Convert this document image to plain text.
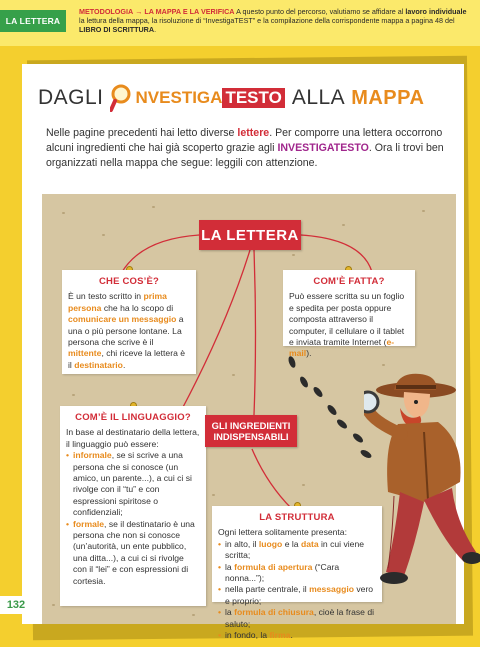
LA LETTERA
METODOLOGIA → LA MAPPA E LA VERIFICA A questo punto del percorso, valutiamo se affidare al lavoro individuale la lettura della mappa, la risoluzione di “InvestigaTEST” e la compilazione della corrispondente mappa a pagina 48 del LIBRO DI SCRITTURA.
132
DAGLI NVESTIGA TESTO ALLA MAPPA
Nelle pagine precedenti hai letto diverse lettere. Per comporre una lettera occorrono alcuni ingredienti che hai già scoperto grazie agli INVESTIGATESTO. Ora li trovi ben organizzati nella mappa che segue: leggili con attenzione.
LA LETTERA
CHE COS’È?
È un testo scritto in prima persona che ha lo scopo di comunicare un messaggio a una o più persone lontane. La persona che scrive è il mittente, chi riceve la lettera è il destinatario.
COM’È FATTA?
Può essere scritta su un foglio e spedita per posta oppure composta attraverso il computer, il cellulare o il tablet e inviata tramite Internet (e-mail).
COM’È IL LINGUAGGIO?
In base al destinatario della lettera, il linguaggio può essere:
• informale, se si scrive a una persona che si conosce (un amico, un parente...), a cui ci si rivolge con il “tu” e con espressioni spiritose o confidenziali;
• formale, se il destinatario è una persona che non si conosce (un’autorità, un ente pubblico, una ditta...), a cui ci si rivolge con il “lei” e con espressioni di cortesia.
GLI INGREDIENTI INDISPENSABILI
LA STRUTTURA
Ogni lettera solitamente presenta:
• in alto, il luogo e la data in cui viene scritta;
• la formula di apertura (“Cara nonna...”);
• nella parte centrale, il messaggio vero e proprio;
• la formula di chiusura, cioè la frase di saluto;
• in fondo, la firma.
